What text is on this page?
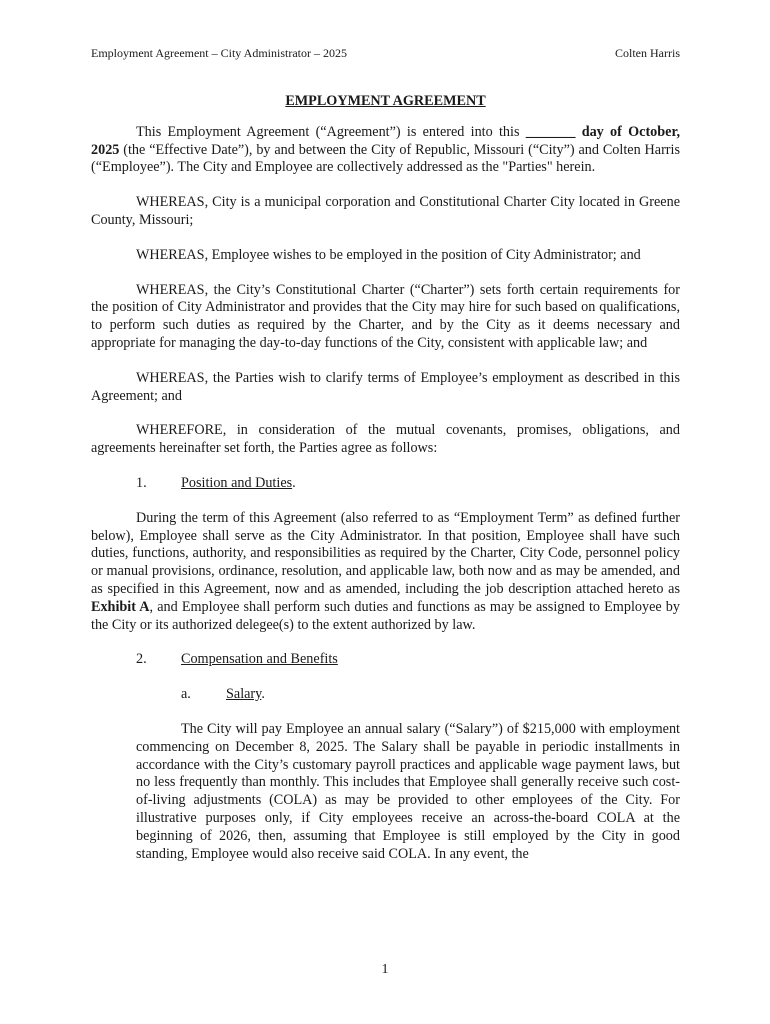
Employment Agreement – City Administrator – 2025	Colten Harris
EMPLOYMENT AGREEMENT

This Employment Agreement (“Agreement”) is entered into this _______ day of October, 2025 (the “Effective Date”), by and between the City of Republic, Missouri (“City”) and Colten Harris (“Employee”). The City and Employee are collectively addressed as the "Parties" herein.

WHEREAS, City is a municipal corporation and Constitutional Charter City located in Greene County, Missouri;

WHEREAS, Employee wishes to be employed in the position of City Administrator; and

WHEREAS, the City’s Constitutional Charter (“Charter”) sets forth certain requirements for the position of City Administrator and provides that the City may hire for such based on qualifications, to perform such duties as required by the Charter, and by the City as it deems necessary and appropriate for managing the day-to-day functions of the City, consistent with applicable law; and

WHEREAS, the Parties wish to clarify terms of Employee’s employment as described in this Agreement; and

WHEREFORE, in consideration of the mutual covenants, promises, obligations, and agreements hereinafter set forth, the Parties agree as follows:

1. Position and Duties.

During the term of this Agreement (also referred to as “Employment Term” as defined further below), Employee shall serve as the City Administrator. In that position, Employee shall have such duties, functions, authority, and responsibilities as required by the Charter, City Code, personnel policy or manual provisions, ordinance, resolution, and applicable law, both now and as may be amended, and as specified in this Agreement, now and as amended, including the job description attached hereto as Exhibit A, and Employee shall perform such duties and functions as may be assigned to Employee by the City or its authorized delegee(s) to the extent authorized by law.

2. Compensation and Benefits
a. Salary.

The City will pay Employee an annual salary (“Salary”) of $215,000 with employment commencing on December 8, 2025. The Salary shall be payable in periodic installments in accordance with the City’s customary payroll practices and applicable wage payment laws, but no less frequently than monthly. This includes that Employee shall generally receive such cost-of-living adjustments (COLA) as may be provided to other employees of the City. For illustrative purposes only, if City employees receive an across-the-board COLA at the beginning of 2026, then, assuming that Employee is still employed by the City in good standing, Employee would also receive said COLA. In any event, the

1
